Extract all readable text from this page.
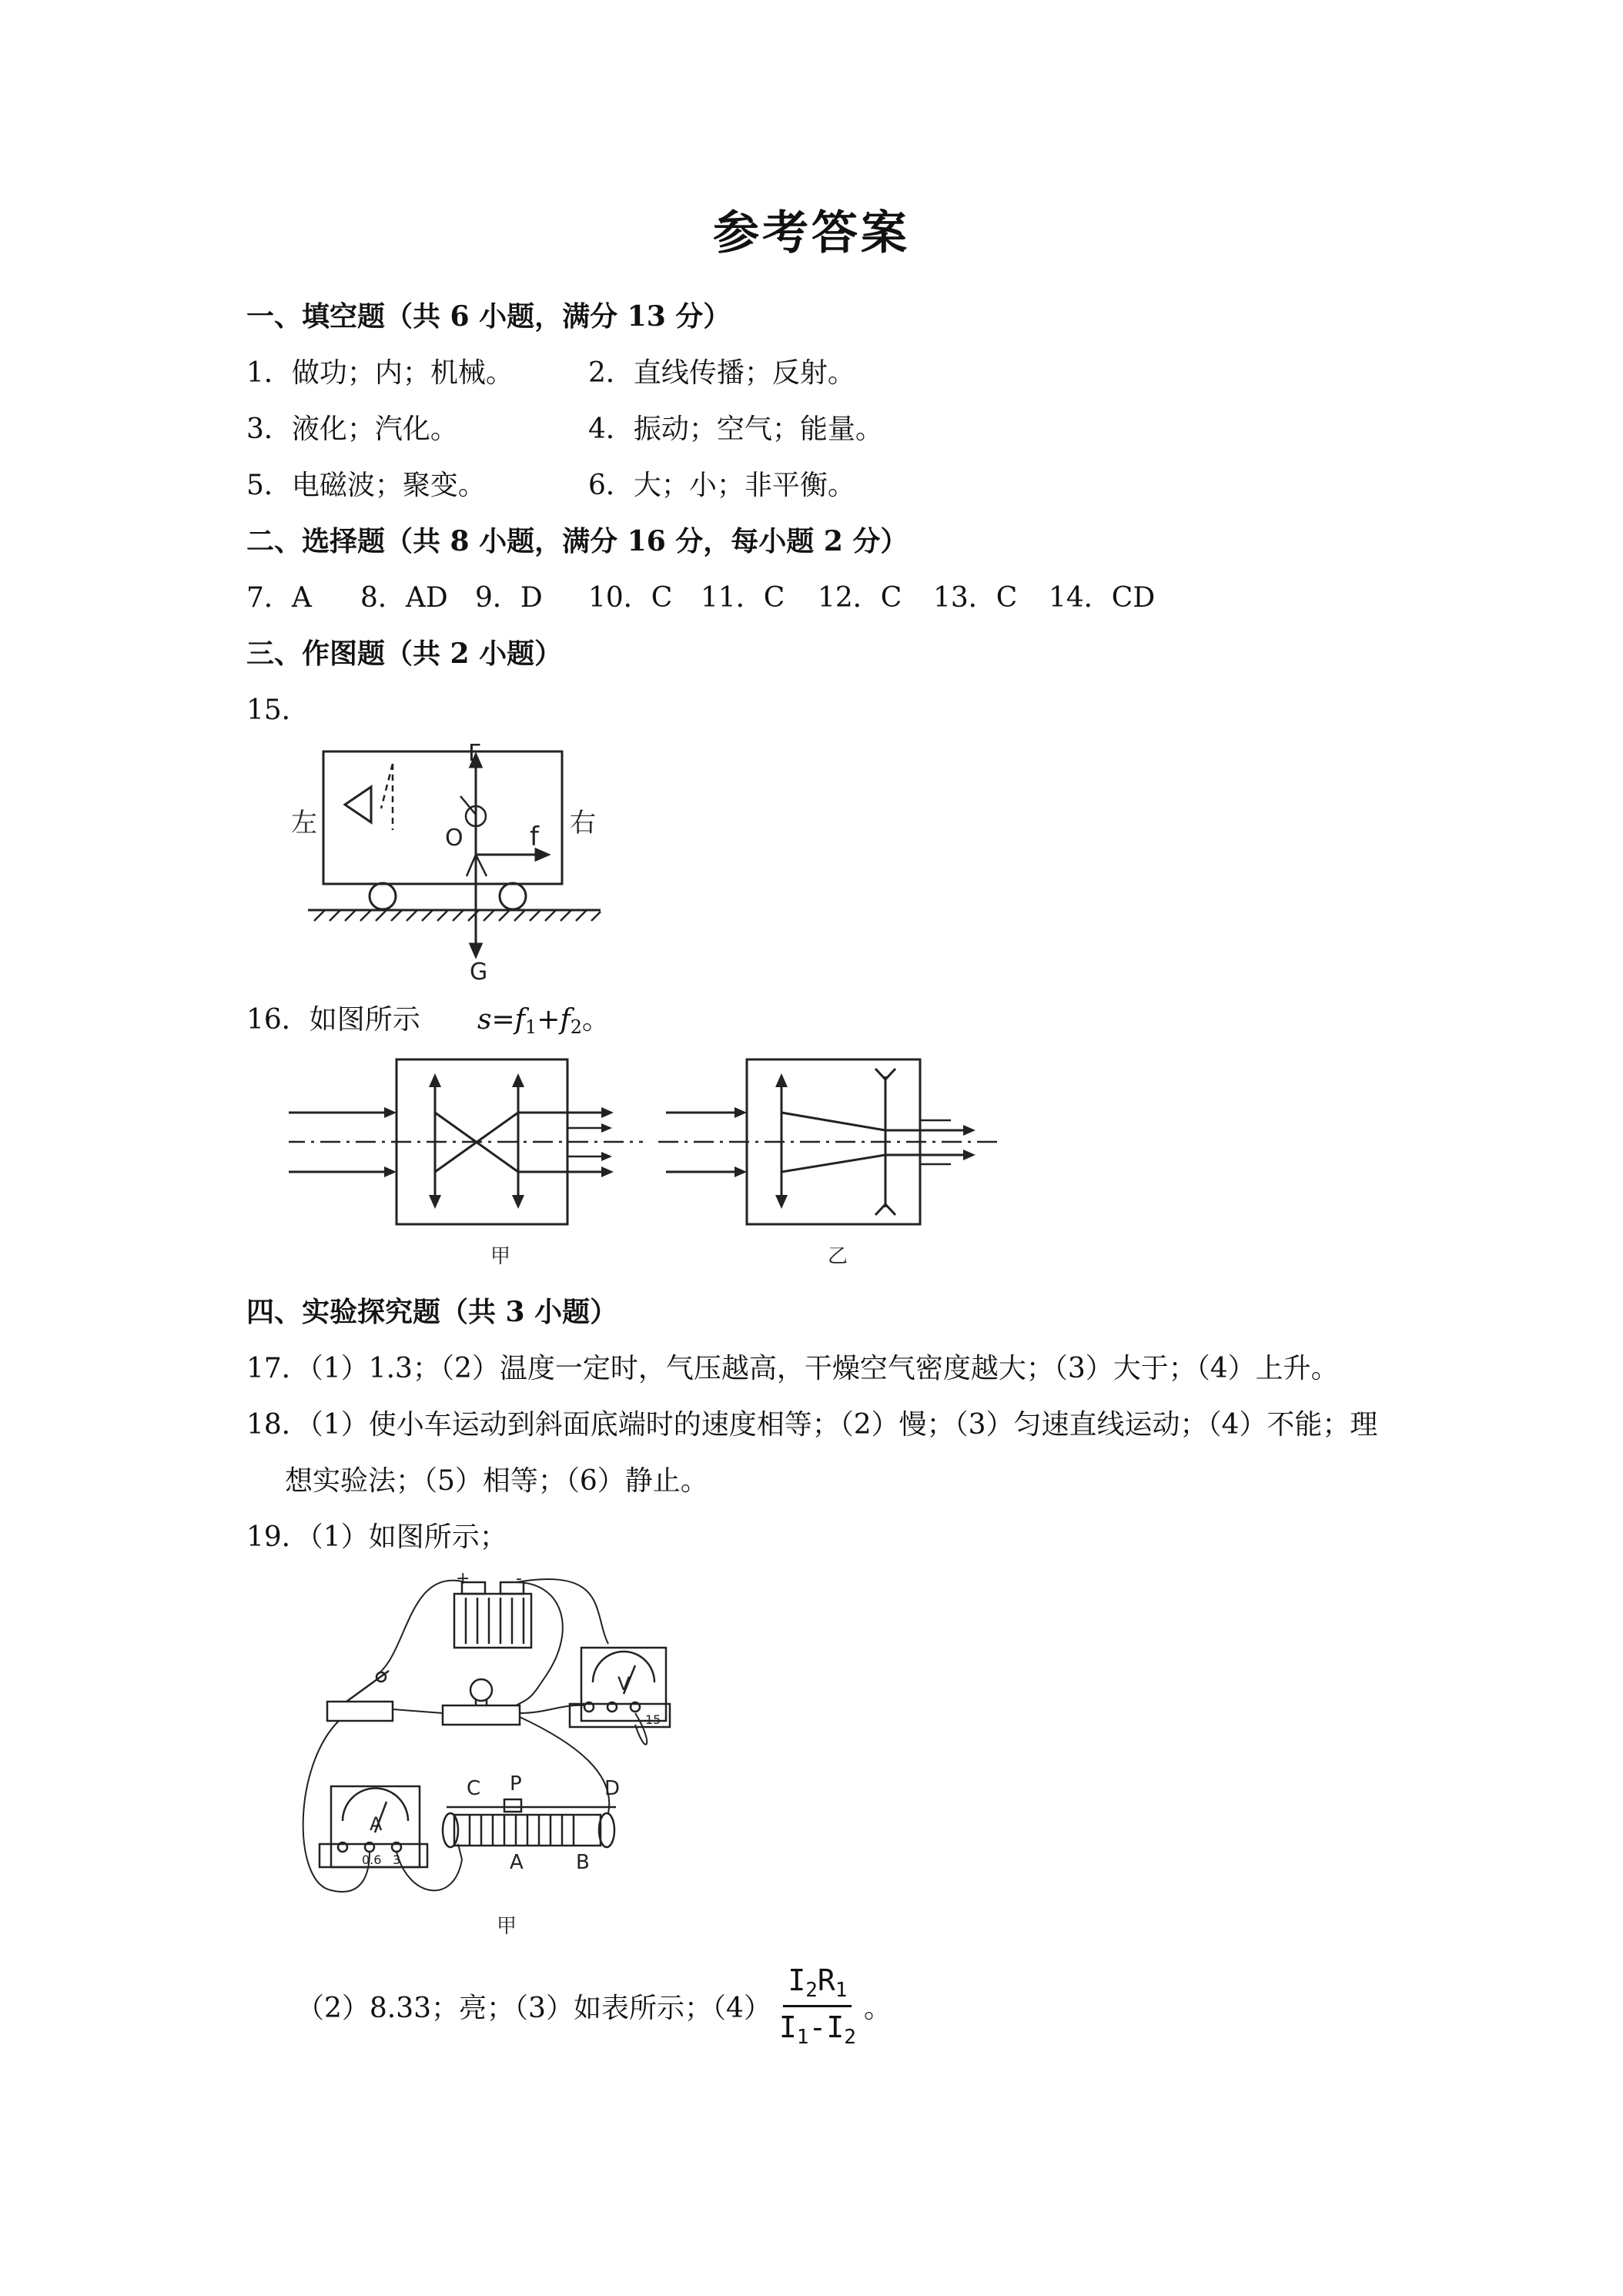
参考答案
一、填空题（共 6 小题，满分 13 分）
1．做功；内；机械。	2．直线传播；反射。
3．液化；汽化。	4．振动；空气；能量。
5．电磁波；聚变。	6．大；小；非平衡。
二、选择题（共 8 小题，满分 16 分，每小题 2 分）
7．A 8．AD 9．D 10．C 11．C 12．C 13．C 14．CD
三、作图题（共 2 小题）
15．
左	右
F
O	f
G
16．如图所示 $s=f_1+f_2$。
甲	乙
四、实验探究题（共 3 小题）
17．（1）1.3；（2）温度一定时，气压越高，干燥空气密度越大；（3）大于；（4）上升。
18．（1）使小车运动到斜面底端时的速度相等；（2）慢；（3）匀速直线运动；（4）不能；理
想实验法；（5）相等；（6）静止。
19．（1）如图所示；
+	-
V
15
A
0.6 3
C P	D
A	B
甲
（2）8.33；亮；（3）如表所示；$(4) \frac{I_2R_1}{I_1-I_2}$ 。
